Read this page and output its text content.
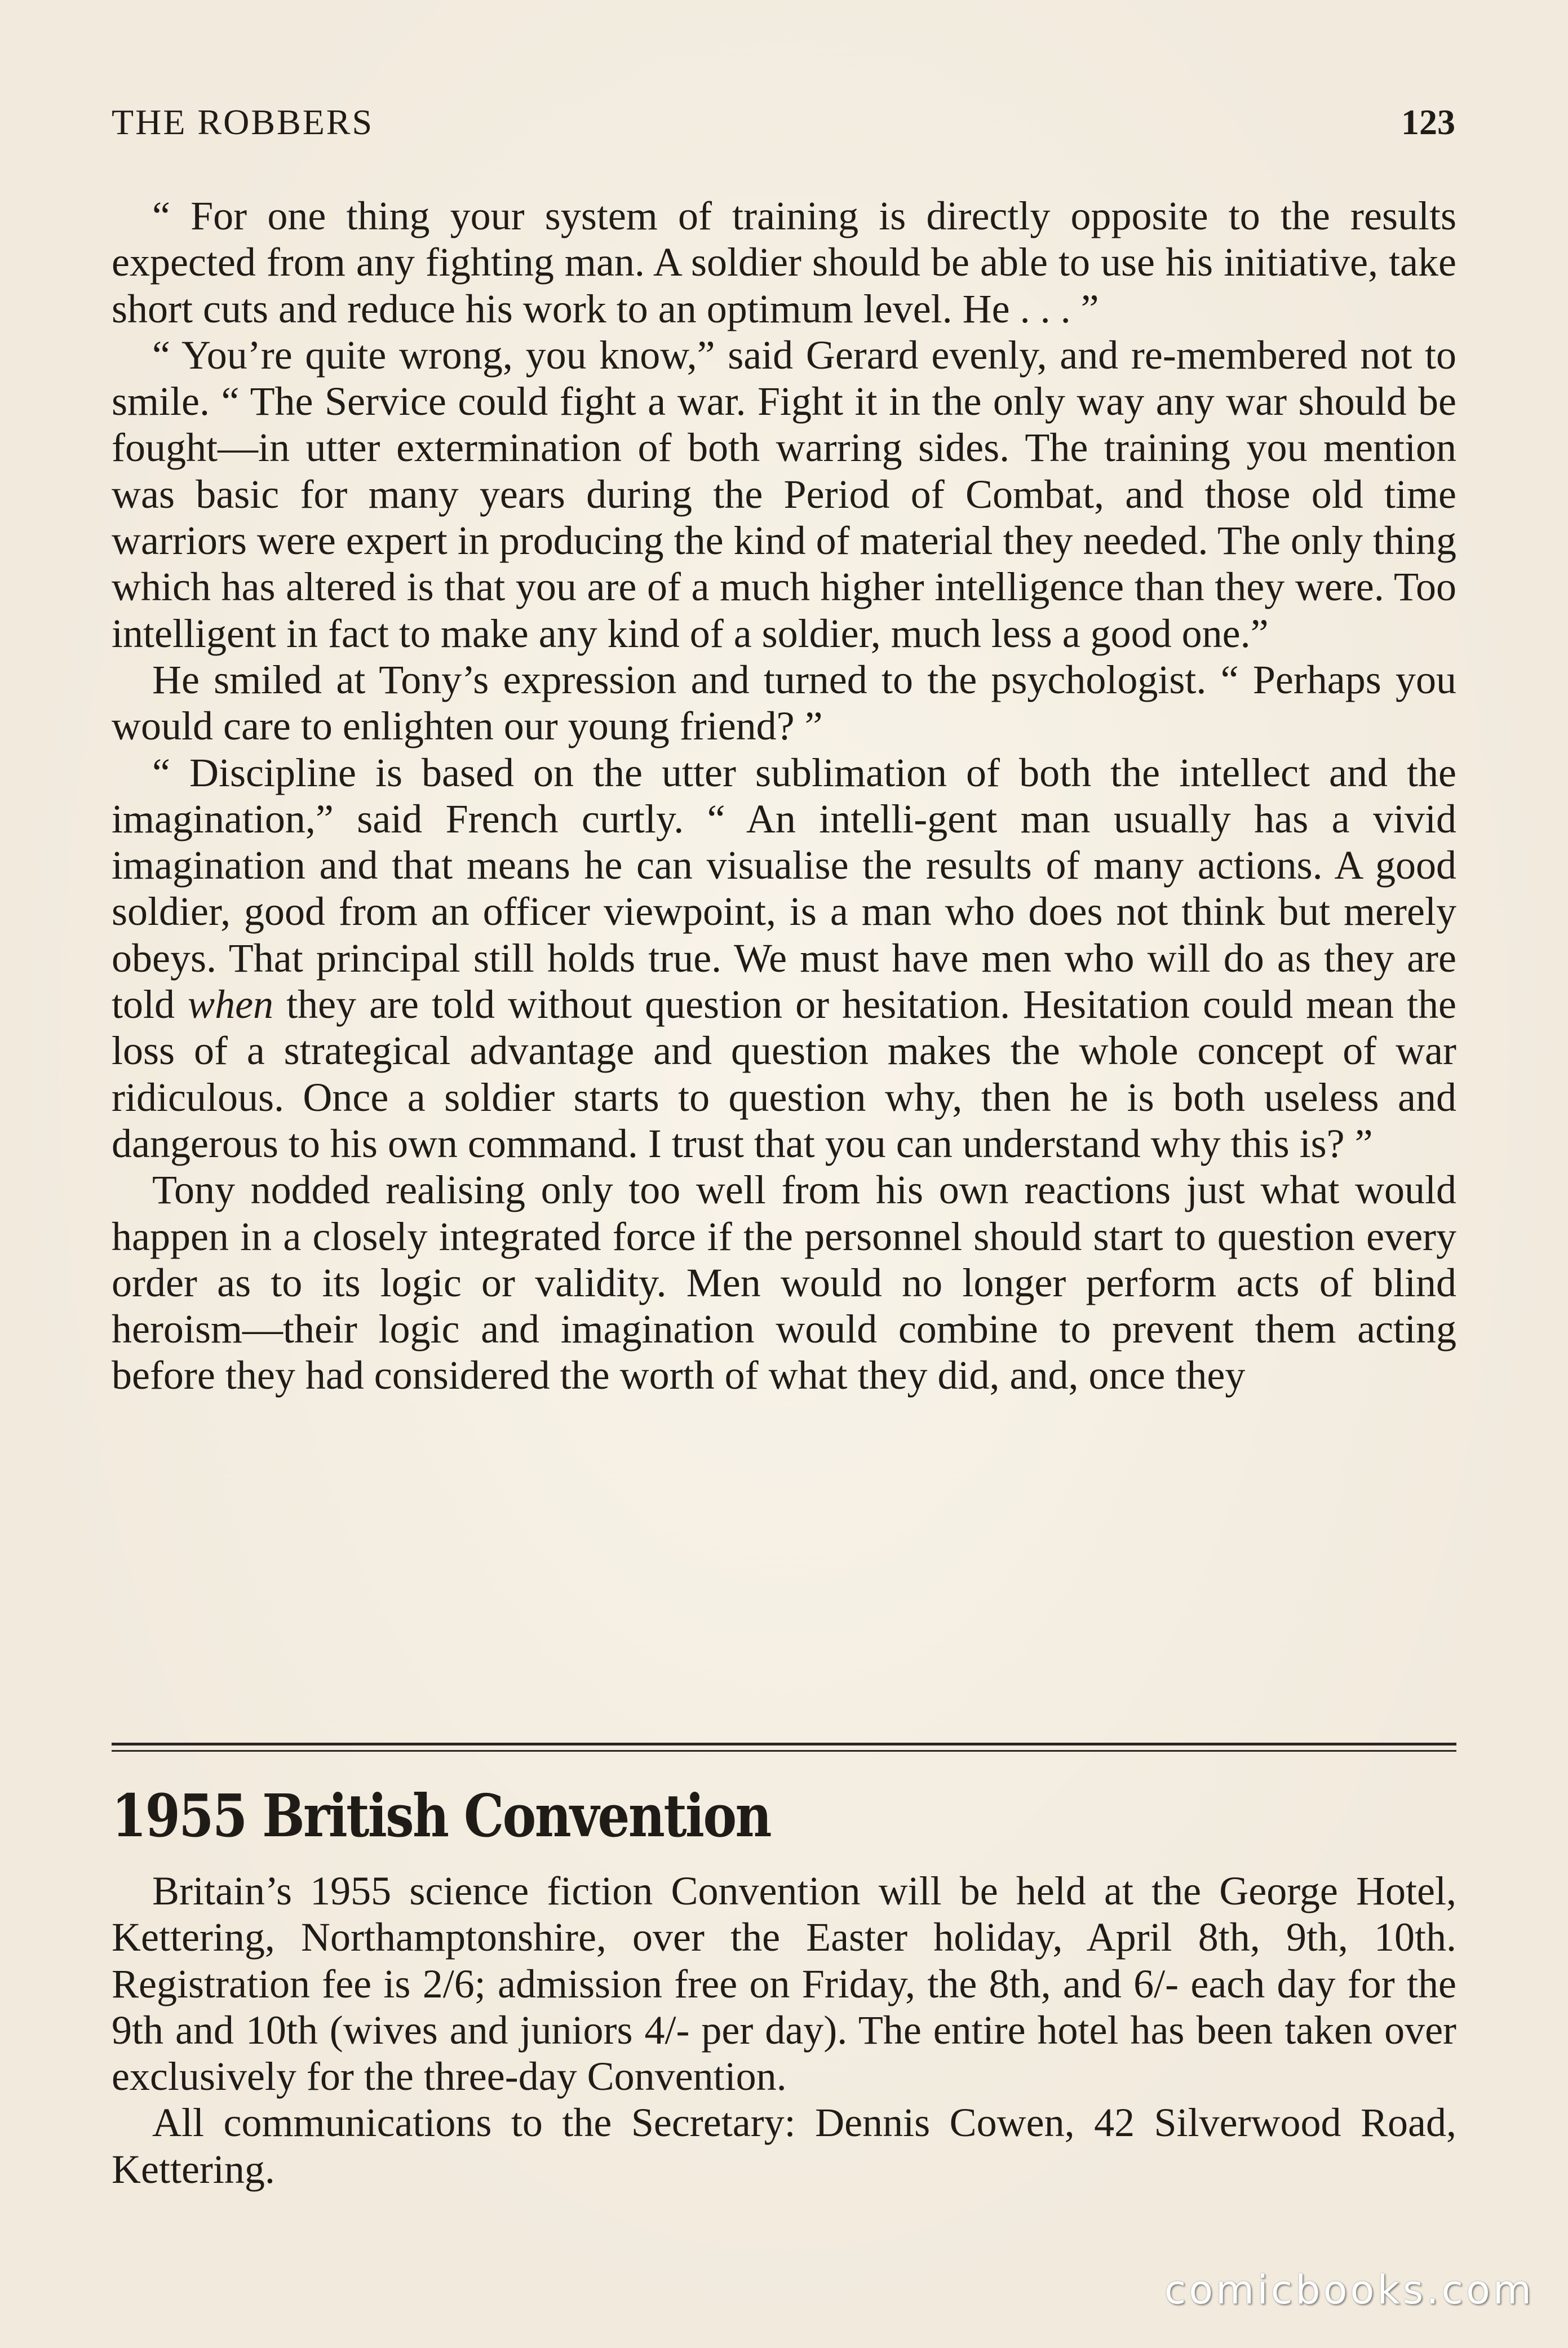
THE ROBBERS	123

“ For one thing your system of training is directly opposite to the results expected from any fighting man. A soldier should be able to use his initiative, take short cuts and reduce his work to an optimum level. He . . . ”

“ You’re quite wrong, you know,” said Gerard evenly, and re-membered not to smile. “ The Service could fight a war. Fight it in the only way any war should be fought—in utter extermination of both warring sides. The training you mention was basic for many years during the Period of Combat, and those old time warriors were expert in producing the kind of material they needed. The only thing which has altered is that you are of a much higher intelligence than they were. Too intelligent in fact to make any kind of a soldier, much less a good one.”

He smiled at Tony’s expression and turned to the psychologist. “ Perhaps you would care to enlighten our young friend? ”

“ Discipline is based on the utter sublimation of both the intellect and the imagination,” said French curtly. “ An intelli-gent man usually has a vivid imagination and that means he can visualise the results of many actions. A good soldier, good from an officer viewpoint, is a man who does not think but merely obeys. That principal still holds true. We must have men who will do as they are told when they are told without question or hesitation. Hesitation could mean the loss of a strategical advantage and question makes the whole concept of war ridiculous. Once a soldier starts to question why, then he is both useless and dangerous to his own command. I trust that you can understand why this is? ”

Tony nodded realising only too well from his own reactions just what would happen in a closely integrated force if the personnel should start to question every order as to its logic or validity. Men would no longer perform acts of blind heroism—their logic and imagination would combine to prevent them acting before they had considered the worth of what they did, and, once they

1955 British Convention

Britain’s 1955 science fiction Convention will be held at the George Hotel, Kettering, Northamptonshire, over the Easter holiday, April 8th, 9th, 10th. Registration fee is 2/6; admission free on Friday, the 8th, and 6/- each day for the 9th and 10th (wives and juniors 4/- per day). The entire hotel has been taken over exclusively for the three-day Convention.

All communications to the Secretary: Dennis Cowen, 42 Silverwood Road, Kettering.

comicbooks.com
